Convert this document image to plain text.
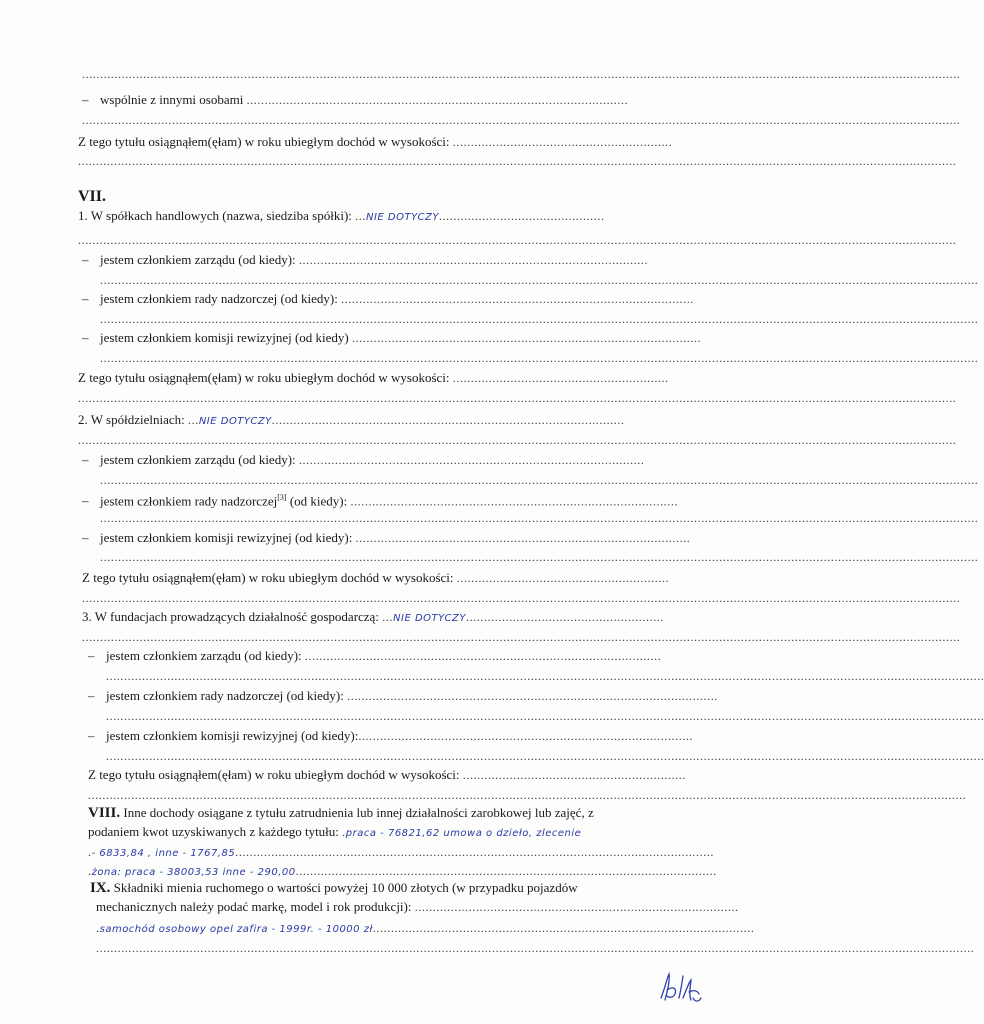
....................................................................................................................................................................................................................................................
– wspólnie z innymi osobami ..........................................................................................................
....................................................................................................................................................................................................................................................
Z tego tytułu osiągnąłem(ęłam) w roku ubiegłym dochód w wysokości: .............................................................
....................................................................................................................................................................................................................................................
VII.
1. W spółkach handlowych (nazwa, siedziba spółki): ...NIE DOTYCZY..............................................
....................................................................................................................................................................................................................................................
– jestem członkiem zarządu (od kiedy): .................................................................................................
....................................................................................................................................................................................................................................................
– jestem członkiem rady nadzorczej (od kiedy): ..................................................................................................
....................................................................................................................................................................................................................................................
– jestem członkiem komisji rewizyjnej (od kiedy) .................................................................................................
....................................................................................................................................................................................................................................................
Z tego tytułu osiągnąłem(ęłam) w roku ubiegłym dochód w wysokości: ............................................................
....................................................................................................................................................................................................................................................
2. W spółdzielniach: ...NIE DOTYCZY..................................................................................................
....................................................................................................................................................................................................................................................
– jestem członkiem zarządu (od kiedy): ................................................................................................
....................................................................................................................................................................................................................................................
– jestem członkiem rady nadzorczej[3] (od kiedy): ...........................................................................................
....................................................................................................................................................................................................................................................
– jestem członkiem komisji rewizyjnej (od kiedy): .............................................................................................
....................................................................................................................................................................................................................................................
Z tego tytułu osiągnąłem(ęłam) w roku ubiegłym dochód w wysokości: ...........................................................
....................................................................................................................................................................................................................................................
3. W fundacjach prowadzących działalność gospodarczą: ...NIE DOTYCZY.......................................................
....................................................................................................................................................................................................................................................
– jestem członkiem zarządu (od kiedy): ...................................................................................................
....................................................................................................................................................................................................................................................
– jestem członkiem rady nadzorczej (od kiedy): .......................................................................................................
....................................................................................................................................................................................................................................................
– jestem członkiem komisji rewizyjnej (od kiedy):.............................................................................................
....................................................................................................................................................................................................................................................
Z tego tytułu osiągnąłem(ęłam) w roku ubiegłym dochód w wysokości: ..............................................................
....................................................................................................................................................................................................................................................
VIII. Inne dochody osiągane z tytułu zatrudnienia lub innej działalności zarobkowej lub zajęć, z
podaniem kwot uzyskiwanych z każdego tytułu: .praca - 76821,62 umowa o dzieło, zlecenie
.- 6833,84 , inne - 1767,85.....................................................................................................................................
.żona: praca - 38003,53 inne - 290,00.....................................................................................................................
IX. Składniki mienia ruchomego o wartości powyżej 10 000 złotych (w przypadku pojazdów
mechanicznych należy podać markę, model i rok produkcji): ..........................................................................................
.samochód osobowy opel zafira - 1999r. - 10000 zł..........................................................................................................
....................................................................................................................................................................................................................................................
